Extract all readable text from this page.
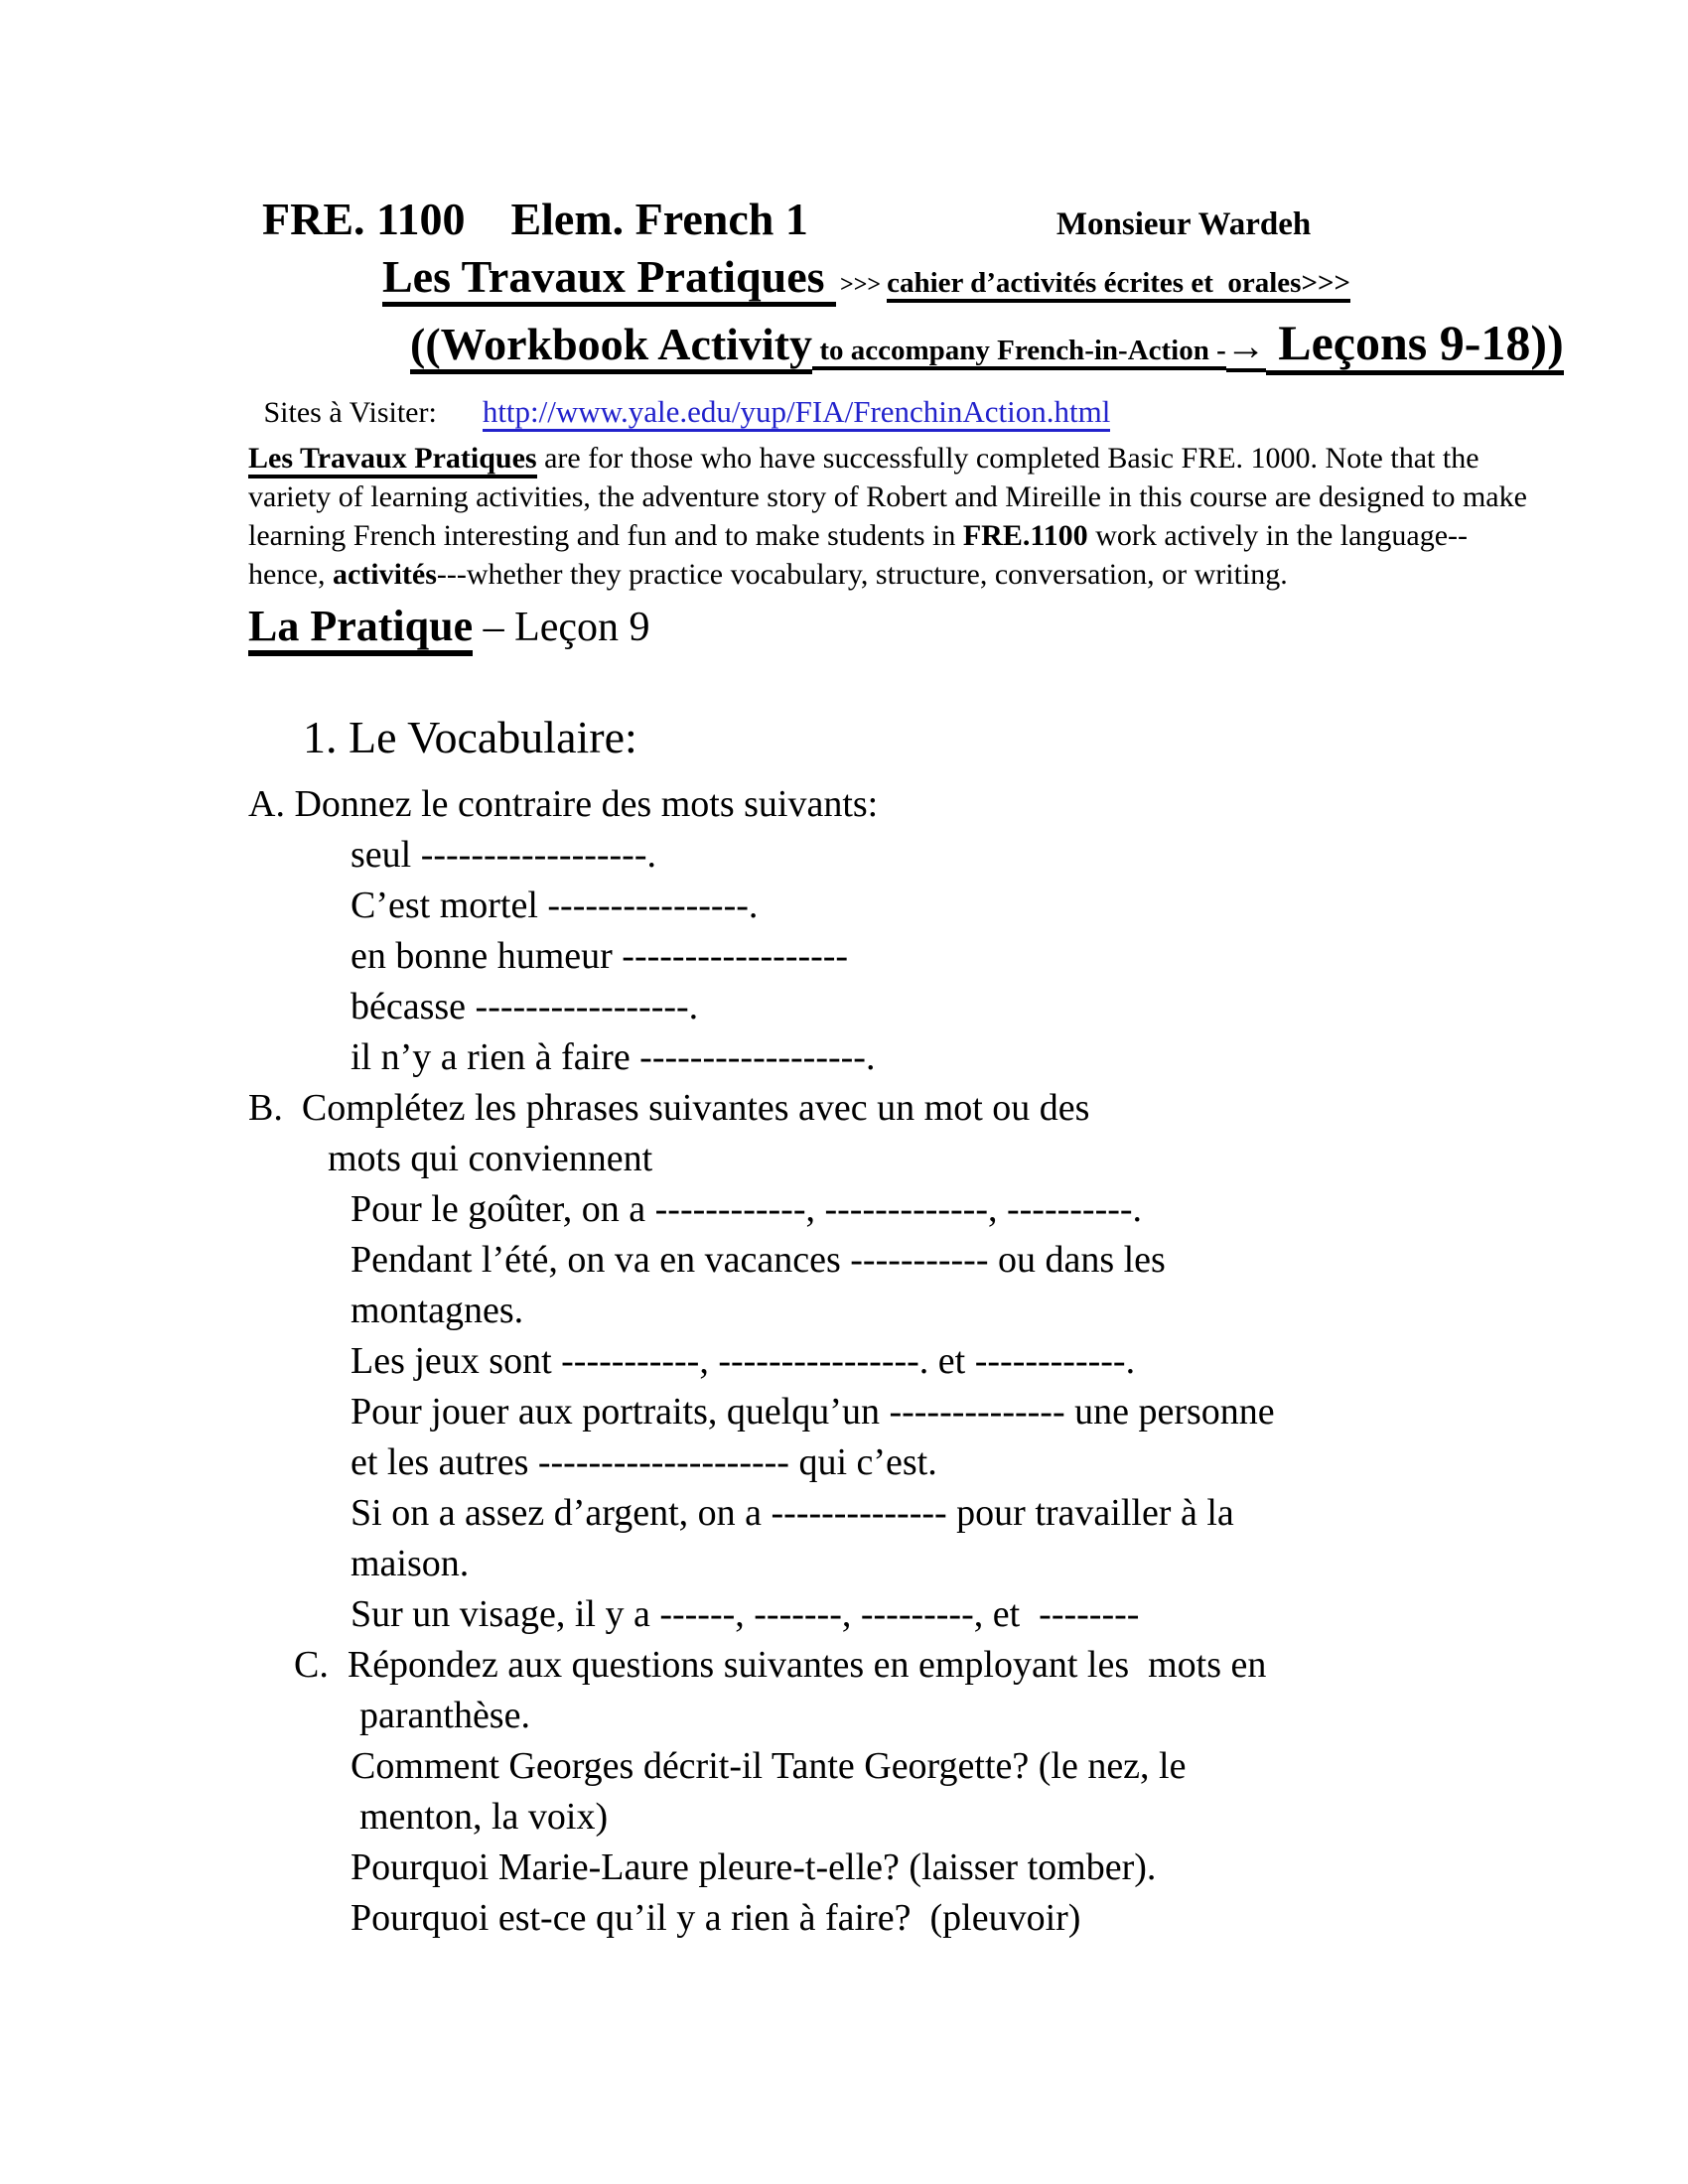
FRE. 1100 Elem. French 1	Monsieur Wardeh
Les Travaux Pratiques >>> cahier d’activités écrites et  orales>>>
((Workbook Activity to accompany French-in-Action -→ Leçons 9-18))
Sites à Visiter: http://www.yale.edu/yup/FIA/FrenchinAction.html
Les Travaux Pratiques are for those who have successfully completed Basic FRE. 1000. Note that the variety of learning activities, the adventure story of Robert and Mireille in this course are designed to make learning French interesting and fun and to make students in FRE.1100 work actively in the language--hence, activités---whether they practice vocabulary, structure, conversation, or writing.
La Pratique – Leçon 9
1. Le Vocabulaire:
A. Donnez le contraire des mots suivants:
seul ------------------.
C’est mortel ----------------.
en bonne humeur ------------------
bécasse -----------------.
il n’y a rien à faire ------------------.
B.  Complétez les phrases suivantes avec un mot ou des
mots qui conviennent
Pour le goûter, on a ------------, -------------, ----------.
Pendant l’été, on va en vacances ----------- ou dans les
montagnes.
Les jeux sont -----------, ----------------. et ------------.
Pour jouer aux portraits, quelqu’un -------------- une personne
et les autres -------------------- qui c’est.
Si on a assez d’argent, on a -------------- pour travailler à la
maison.
Sur un visage, il y a ------, -------, ---------, et  --------
C.  Répondez aux questions suivantes en employant les  mots en
paranthèse.
Comment Georges décrit-il Tante Georgette? (le nez, le
menton, la voix)
Pourquoi Marie-Laure pleure-t-elle? (laisser tomber).
Pourquoi est-ce qu’il y a rien à faire?  (pleuvoir)
